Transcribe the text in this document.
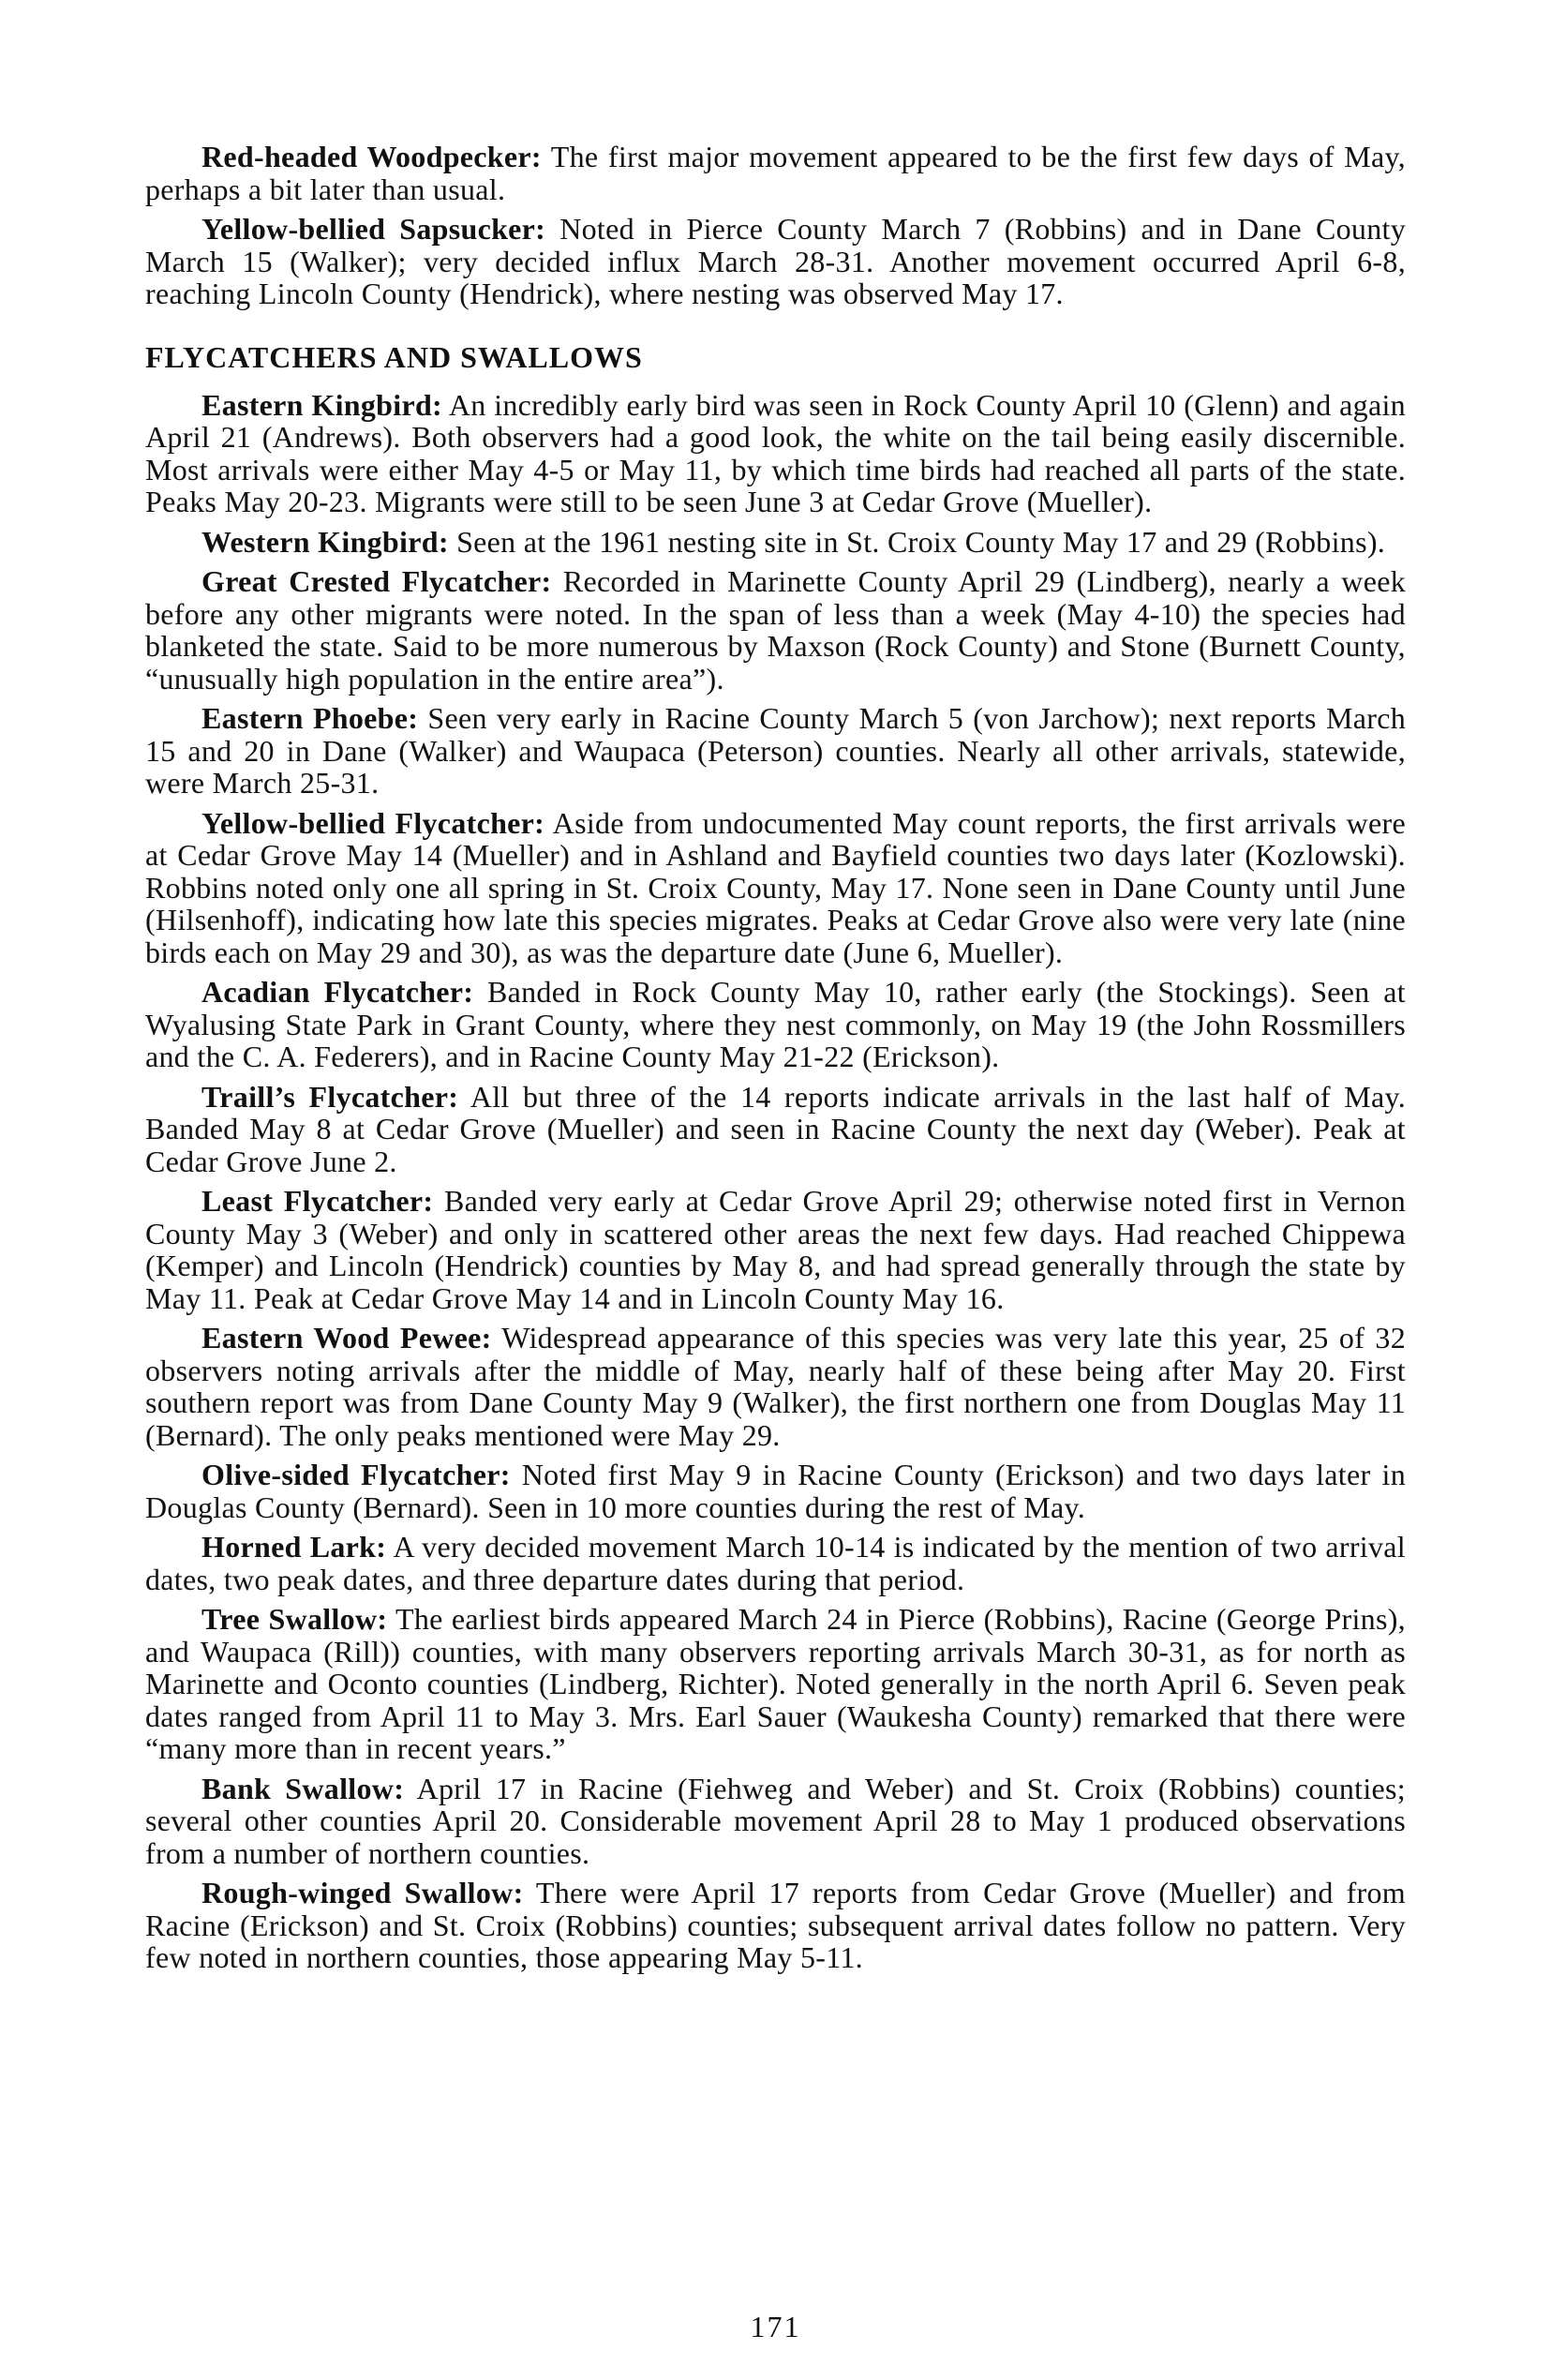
Red-headed Woodpecker: The first major movement appeared to be the first few days of May, perhaps a bit later than usual.

Yellow-bellied Sapsucker: Noted in Pierce County March 7 (Robbins) and in Dane County March 15 (Walker); very decided influx March 28-31. Another movement occurred April 6-8, reaching Lincoln County (Hendrick), where nesting was observed May 17.

FLYCATCHERS AND SWALLOWS

Eastern Kingbird: An incredibly early bird was seen in Rock County April 10 (Glenn) and again April 21 (Andrews). Both observers had a good look, the white on the tail being easily discernible. Most arrivals were either May 4-5 or May 11, by which time birds had reached all parts of the state. Peaks May 20-23. Migrants were still to be seen June 3 at Cedar Grove (Mueller).

Western Kingbird: Seen at the 1961 nesting site in St. Croix County May 17 and 29 (Robbins).

Great Crested Flycatcher: Recorded in Marinette County April 29 (Lindberg), nearly a week before any other migrants were noted. In the span of less than a week (May 4-10) the species had blanketed the state. Said to be more numerous by Maxson (Rock County) and Stone (Burnett County, “unusually high population in the entire area”).

Eastern Phoebe: Seen very early in Racine County March 5 (von Jarchow); next reports March 15 and 20 in Dane (Walker) and Waupaca (Peterson) counties. Nearly all other arrivals, statewide, were March 25-31.

Yellow-bellied Flycatcher: Aside from undocumented May count reports, the first arrivals were at Cedar Grove May 14 (Mueller) and in Ashland and Bayfield counties two days later (Kozlowski). Robbins noted only one all spring in St. Croix County, May 17. None seen in Dane County until June (Hilsenhoff), indicating how late this species migrates. Peaks at Cedar Grove also were very late (nine birds each on May 29 and 30), as was the departure date (June 6, Mueller).

Acadian Flycatcher: Banded in Rock County May 10, rather early (the Stockings). Seen at Wyalusing State Park in Grant County, where they nest commonly, on May 19 (the John Rossmillers and the C. A. Federers), and in Racine County May 21-22 (Erickson).

Traill’s Flycatcher: All but three of the 14 reports indicate arrivals in the last half of May. Banded May 8 at Cedar Grove (Mueller) and seen in Racine County the next day (Weber). Peak at Cedar Grove June 2.

Least Flycatcher: Banded very early at Cedar Grove April 29; otherwise noted first in Vernon County May 3 (Weber) and only in scattered other areas the next few days. Had reached Chippewa (Kemper) and Lincoln (Hendrick) counties by May 8, and had spread generally through the state by May 11. Peak at Cedar Grove May 14 and in Lincoln County May 16.

Eastern Wood Pewee: Widespread appearance of this species was very late this year, 25 of 32 observers noting arrivals after the middle of May, nearly half of these being after May 20. First southern report was from Dane County May 9 (Walker), the first northern one from Douglas May 11 (Bernard). The only peaks mentioned were May 29.

Olive-sided Flycatcher: Noted first May 9 in Racine County (Erickson) and two days later in Douglas County (Bernard). Seen in 10 more counties during the rest of May.

Horned Lark: A very decided movement March 10-14 is indicated by the mention of two arrival dates, two peak dates, and three departure dates during that period.

Tree Swallow: The earliest birds appeared March 24 in Pierce (Robbins), Racine (George Prins), and Waupaca (Rill)) counties, with many observers reporting arrivals March 30-31, as for north as Marinette and Oconto counties (Lindberg, Richter). Noted generally in the north April 6. Seven peak dates ranged from April 11 to May 3. Mrs. Earl Sauer (Waukesha County) remarked that there were “many more than in recent years.”

Bank Swallow: April 17 in Racine (Fiehweg and Weber) and St. Croix (Robbins) counties; several other counties April 20. Considerable movement April 28 to May 1 produced observations from a number of northern counties.

Rough-winged Swallow: There were April 17 reports from Cedar Grove (Mueller) and from Racine (Erickson) and St. Croix (Robbins) counties; subsequent arrival dates follow no pattern. Very few noted in northern counties, those appearing May 5-11.

171
